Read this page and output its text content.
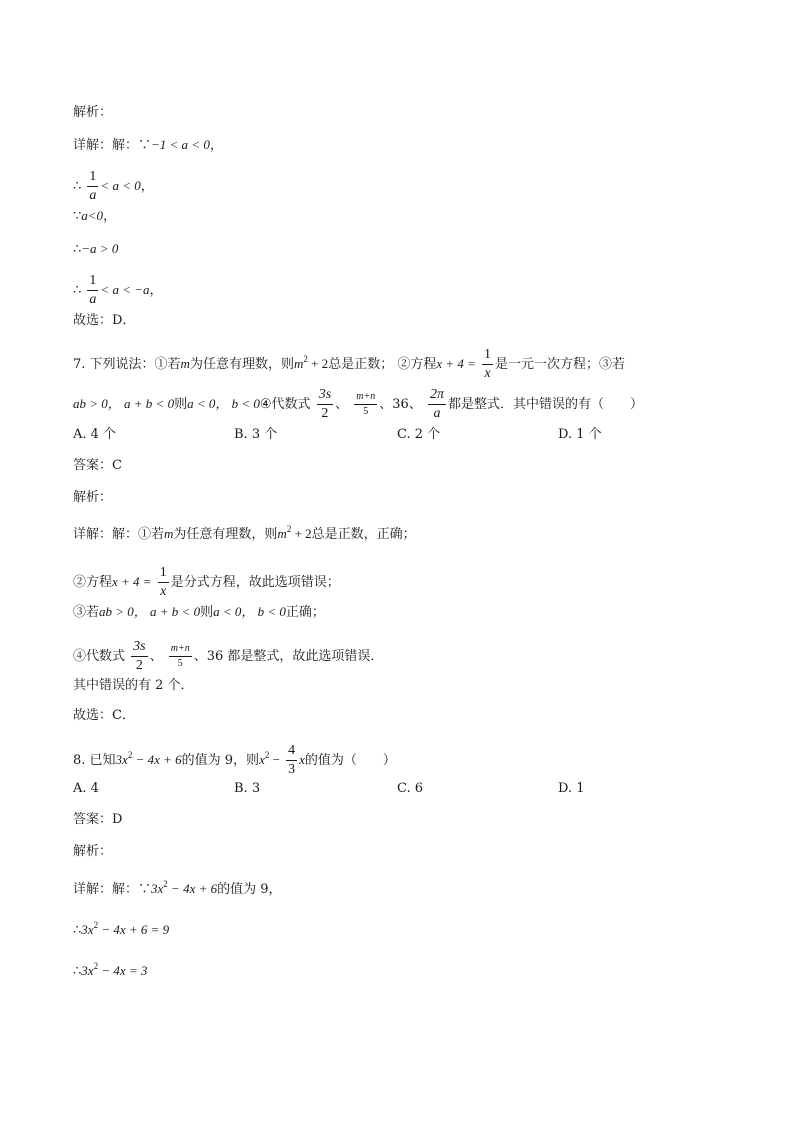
解析：
详解：解：∵−1 < a < 0，
∴ $\frac{1}{a} < a < 0$，
∵a<0，
∴−a > 0
∴ $\frac{1}{a} < a < -a$，
故选：D．
7. 下列说法：①若m为任意有理数，则$m^2 + 2$总是正数； ②方程$x + 4 = \frac{1}{x}$ 是一元一次方程；③若
ab > 0， a + b < 0则a < 0， b < 0④代数式 $\frac{3s}{2}$ 、 $\frac{m+n}{5}$ 、36、 $\frac{2\pi}{a}$ 都是整式．其中错误的有（　　）
A. 4 个	B. 3 个	C. 2 个	D. 1 个
答案：C
解析：
详解：解：①若m为任意有理数，则$m^2 + 2$总是正数，正确；
②方程$x + 4 = \frac{1}{x}$ 是分式方程，故此选项错误；
③若ab > 0， a + b < 0则a < 0， b < 0正确；
④代数式 $\frac{3s}{2}$ 、 $\frac{m+n}{5}$ 、36 都是整式，故此选项错误．
其中错误的有 2 个．
故选：C．
8. 已知$3x^2 - 4x + 6$的值为 9，则$x^2 - \frac{4}{3}$ x的值为（　　）
A. 4	B. 3	C. 6	D. 1
答案：D
解析：
详解：解：$\because 3x^2 - 4x + 6$的值为 9，
$\therefore 3x^2 - 4x + 6 = 9$
$\therefore 3x^2 - 4x = 3$
